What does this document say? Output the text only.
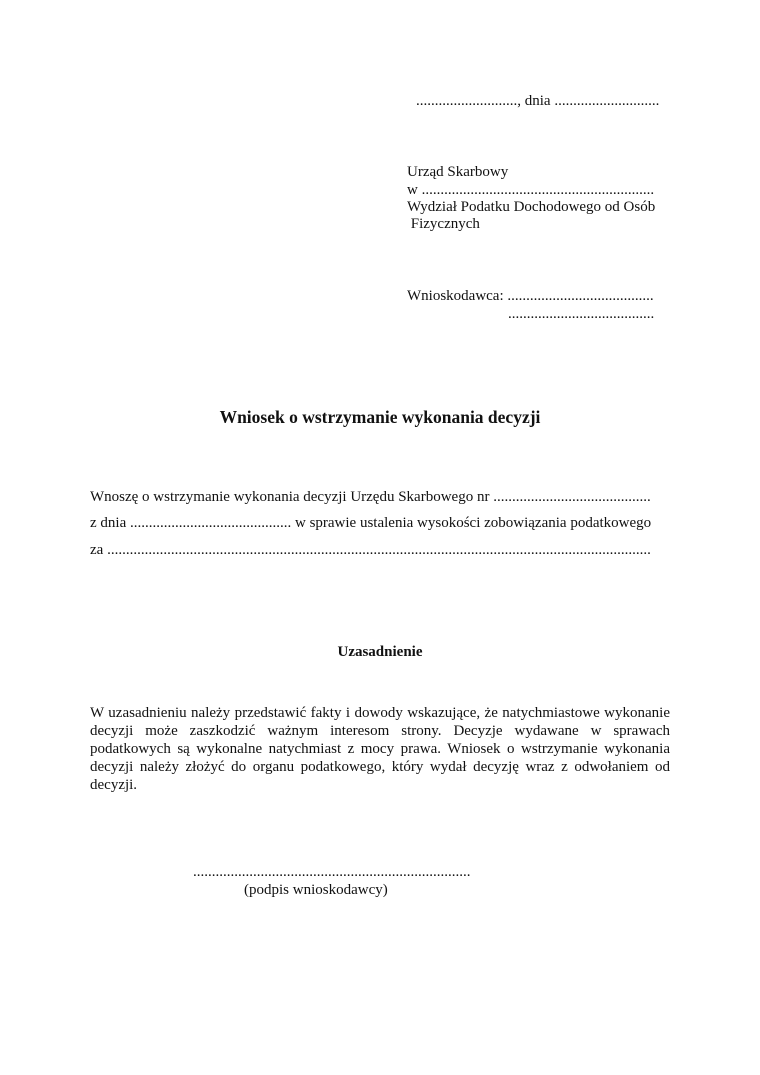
..........................., dnia ............................
Urząd Skarbowy
w ..............................................................
Wydział Podatku Dochodowego od Osób
Fizycznych
Wnioskodawca: .......................................
.......................................
Wniosek o wstrzymanie wykonania decyzji
Wnoszę o wstrzymanie wykonania decyzji Urzędu Skarbowego nr ..........................................
z dnia ........................................... w sprawie ustalenia wysokości zobowiązania podatkowego
za .................................................................................................................................................
Uzasadnienie
W uzasadnieniu należy przedstawić fakty i dowody wskazujące, że natychmiastowe wykonanie decyzji może zaszkodzić ważnym interesom strony. Decyzje wydawane w sprawach podatkowych są wykonalne natychmiast z mocy prawa. Wniosek o wstrzymanie wykonania decyzji należy złożyć do organu podatkowego, który wydał decyzję wraz z odwołaniem od decyzji.
..........................................................................
(podpis wnioskodawcy)
